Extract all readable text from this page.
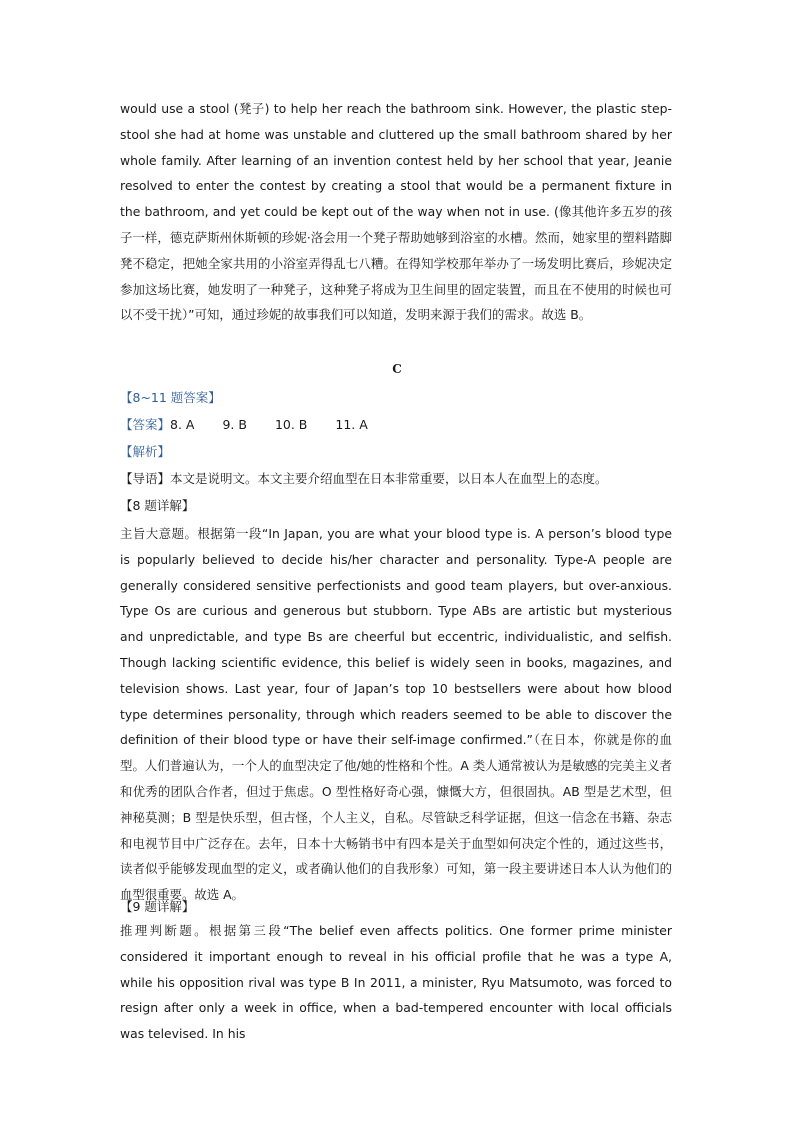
would use a stool (凳子) to help her reach the bathroom sink. However, the plastic step-stool she had at home was unstable and cluttered up the small bathroom shared by her whole family. After learning of an invention contest held by her school that year, Jeanie resolved to enter the contest by creating a stool that would be a permanent fixture in the bathroom, and yet could be kept out of the way when not in use. (像其他许多五岁的孩子一样，德克萨斯州休斯顿的珍妮·洛会用一个凳子帮助她够到浴室的水槽。然而，她家里的塑料踏脚凳不稳定，把她全家共用的小浴室弄得乱七八糟。在得知学校那年举办了一场发明比赛后，珍妮决定参加这场比赛，她发明了一种凳子，这种凳子将成为卫生间里的固定装置，而且在不使用的时候也可以不受干扰）”可知，通过珍妮的故事我们可以知道，发明来源于我们的需求。故选 B。

C
【8~11 题答案】
【答案】8. A 9. B 10. B 11. A
【解析】
【导语】本文是说明文。本文主要介绍血型在日本非常重要，以日本人在血型上的态度。
【8 题详解】

主旨大意题。根据第一段“In Japan, you are what your blood type is. A person’s blood type is popularly believed to decide his/her character and personality. Type-A people are generally considered sensitive perfectionists and good team players, but over-anxious. Type Os are curious and generous but stubborn. Type ABs are artistic but mysterious and unpredictable, and type Bs are cheerful but eccentric, individualistic, and selfish. Though lacking scientific evidence, this belief is widely seen in books, magazines, and television shows. Last year, four of Japan’s top 10 bestsellers were about how blood type determines personality, through which readers seemed to be able to discover the definition of their blood type or have their self-image confirmed.”（在日本，你就是你的血型。人们普遍认为，一个人的血型决定了他/她的性格和个性。A 类人通常被认为是敏感的完美主义者和优秀的团队合作者，但过于焦虑。O 型性格好奇心强，慷慨大方，但很固执。AB 型是艺术型，但神秘莫测；B 型是快乐型，但古怪，个人主义，自私。尽管缺乏科学证据，但这一信念在书籍、杂志和电视节目中广泛存在。去年，日本十大畅销书中有四本是关于血型如何决定个性的，通过这些书，读者似乎能够发现血型的定义，或者确认他们的自我形象）可知，第一段主要讲述日本人认为他们的血型很重要。故选 A。

【9 题详解】

推理判断题。根据第三段“The belief even affects politics. One former prime minister considered it important enough to reveal in his official profile that he was a type A, while his opposition rival was type B In 2011, a minister, Ryu Matsumoto, was forced to resign after only a week in office, when a bad-tempered encounter with local officials was televised. In his
